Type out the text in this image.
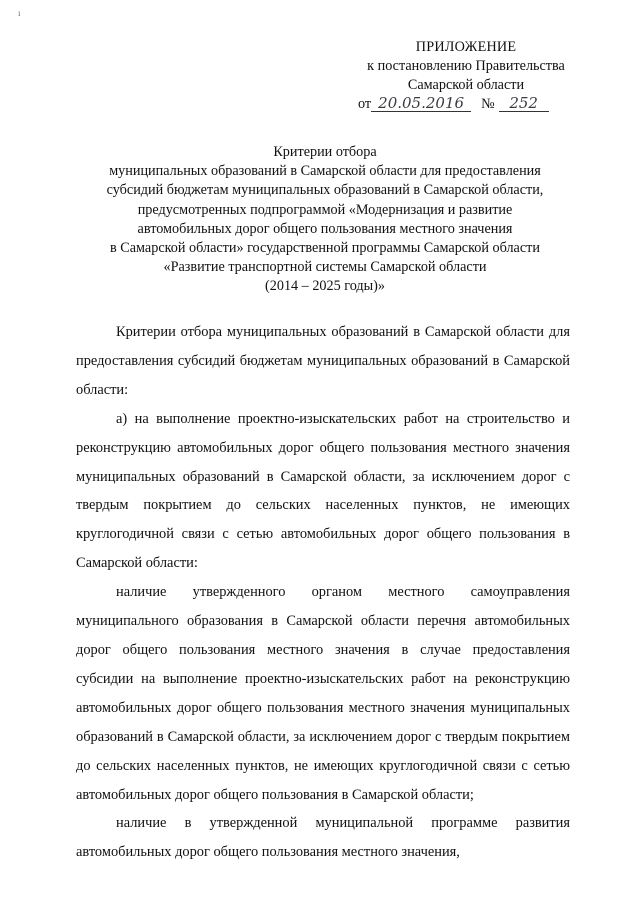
ı
ПРИЛОЖЕНИЕ
к постановлению Правительства
Самарской области
от 20.05.2016	№ 252
Критерии отбора
муниципальных образований в Самарской области для предоставления
субсидий бюджетам муниципальных образований в Самарской области,
предусмотренных подпрограммой «Модернизация и развитие
автомобильных дорог общего пользования местного значения
в Самарской области» государственной программы Самарской области
«Развитие транспортной системы Самарской области
(2014 – 2025 годы)»

Критерии отбора муниципальных образований в Самарской области для предоставления субсидий бюджетам муниципальных образований в Самарской области:

а) на выполнение проектно-изыскательских работ на строительство и реконструкцию автомобильных дорог общего пользования местного значения муниципальных образований в Самарской области, за исключением дорог с твердым покрытием до сельских населенных пунктов, не имеющих круглогодичной связи с сетью автомобильных дорог общего пользования в Самарской области:

наличие утвержденного органом местного самоуправления муниципального образования в Самарской области перечня автомобильных дорог общего пользования местного значения в случае предоставления субсидии на выполнение проектно-изыскательских работ на реконструкцию автомобильных дорог общего пользования местного значения муниципальных образований в Самарской области, за исключением дорог с твердым покрытием до сельских населенных пунктов, не имеющих круглогодичной связи с сетью автомобильных дорог общего пользования в Самарской области;

наличие в утвержденной муниципальной программе развития автомобильных дорог общего пользования местного значения,
